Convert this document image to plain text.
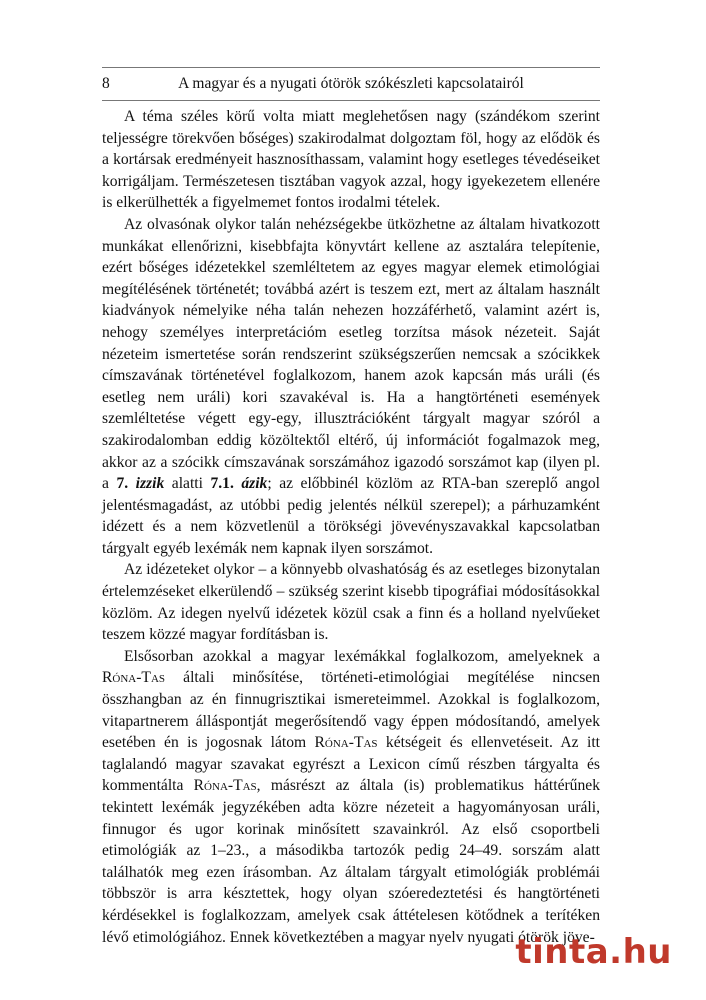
8	A magyar és a nyugati ótörök szókészleti kapcsolatairól

A téma széles körű volta miatt meglehetősen nagy (szándékom szerint teljességre törekvően bőséges) szakirodalmat dolgoztam föl, hogy az elődök és a kortársak eredményeit hasznosíthassam, valamint hogy esetleges tévedéseiket korrigáljam. Természetesen tisztában vagyok azzal, hogy igyekezetem ellenére is elkerülhették a figyelmemet fontos irodalmi tételek.

Az olvasónak olykor talán nehézségekbe ütközhetne az általam hivatkozott munkákat ellenőrizni, kisebbfajta könyvtárt kellene az asztalára telepítenie, ezért bőséges idézetekkel szemléltetem az egyes magyar elemek etimológiai megítélésének történetét; továbbá azért is teszem ezt, mert az általam használt kiadványok némelyike néha talán nehezen hozzáférhető, valamint azért is, nehogy személyes interpretációm esetleg torzítsa mások nézeteit. Saját nézeteim ismertetése során rendszerint szükségszerűen nemcsak a szócikkek címszavának történetével foglalkozom, hanem azok kapcsán más uráli (és esetleg nem uráli) kori szavakéval is. Ha a hangtörténeti események szemléltetése végett egy-egy, illusztrációként tárgyalt magyar szóról a szakirodalomban eddig közöltektől eltérő, új információt fogalmazok meg, akkor az a szócikk címszavának sorszámához igazodó sorszámot kap (ilyen pl. a 7. izzik alatti 7.1. ázik; az előbbinél közlöm az RTA-ban szereplő angol jelentésmagadást, az utóbbi pedig jelentés nélkül szerepel); a párhuzamként idézett és a nem közvetlenül a törökségi jövevényszavakkal kapcsolatban tárgyalt egyéb lexémák nem kapnak ilyen sorszámot.

Az idézeteket olykor – a könnyebb olvashatóság és az esetleges bizonytalan értelemzéseket elkerülendő – szükség szerint kisebb tipográfiai módosításokkal közlöm. Az idegen nyelvű idézetek közül csak a finn és a holland nyelvűeket teszem közzé magyar fordításban is.

Elsősorban azokkal a magyar lexémákkal foglalkozom, amelyeknek a Róna-Tas általi minősítése, történeti-etimológiai megítélése nincsen összhangban az én finnugrisztikai ismereteimmel. Azokkal is foglalkozom, vitapartnerem álláspontját megerősítendő vagy éppen módosítandó, amelyek esetében én is jogosnak látom Róna-Tas kétségeit és ellenvetéseit. Az itt taglalandó magyar szavakat egyrészt a Lexicon című részben tárgyalta és kommentálta Róna-Tas, másrészt az általa (is) problematikus háttérűnek tekintett lexémák jegyzékében adta közre nézeteit a hagyományosan uráli, finnugor és ugor korinak minősített szavainkról. Az első csoportbeli etimológiák az 1–23., a másodikba tartozók pedig 24–49. sorszám alatt találhatók meg ezen írásomban. Az általam tárgyalt etimológiák problémái többször is arra késztettek, hogy olyan szóeredeztetési és hangtörténeti kérdésekkel is foglalkozzam, amelyek csak áttételesen kötődnek a terítéken lévő etimológiához. Ennek következtében a magyar nyelv nyugati ótörök jöve-

tinta.hu
